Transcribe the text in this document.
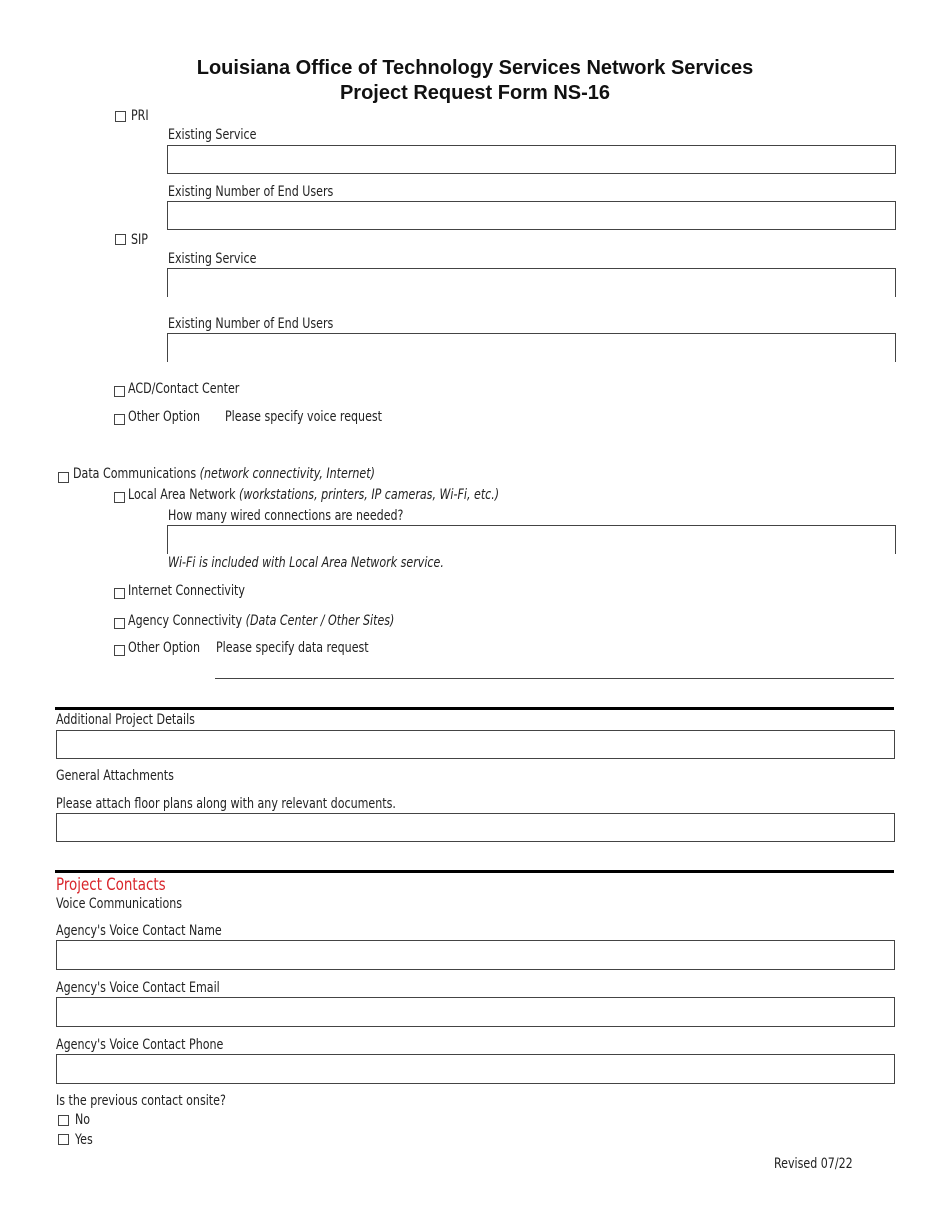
Louisiana Office of Technology Services Network Services
Project Request Form NS-16
PRI
Existing Service
Existing Number of End Users
SIP
Existing Service
Existing Number of End Users
ACD/Contact Center
Other Option Please specify voice request
Data Communications (network connectivity, Internet)
Local Area Network (workstations, printers, IP cameras, Wi-Fi, etc.)
How many wired connections are needed?
Wi-Fi is included with Local Area Network service.
Internet Connectivity
Agency Connectivity (Data Center / Other Sites)
Other Option Please specify data request
Additional Project Details
General Attachments
Please attach floor plans along with any relevant documents.
Project Contacts
Voice Communications
Agency's Voice Contact Name
Agency's Voice Contact Email
Agency's Voice Contact Phone
Is the previous contact onsite?
No
Yes
Revised 07/22
